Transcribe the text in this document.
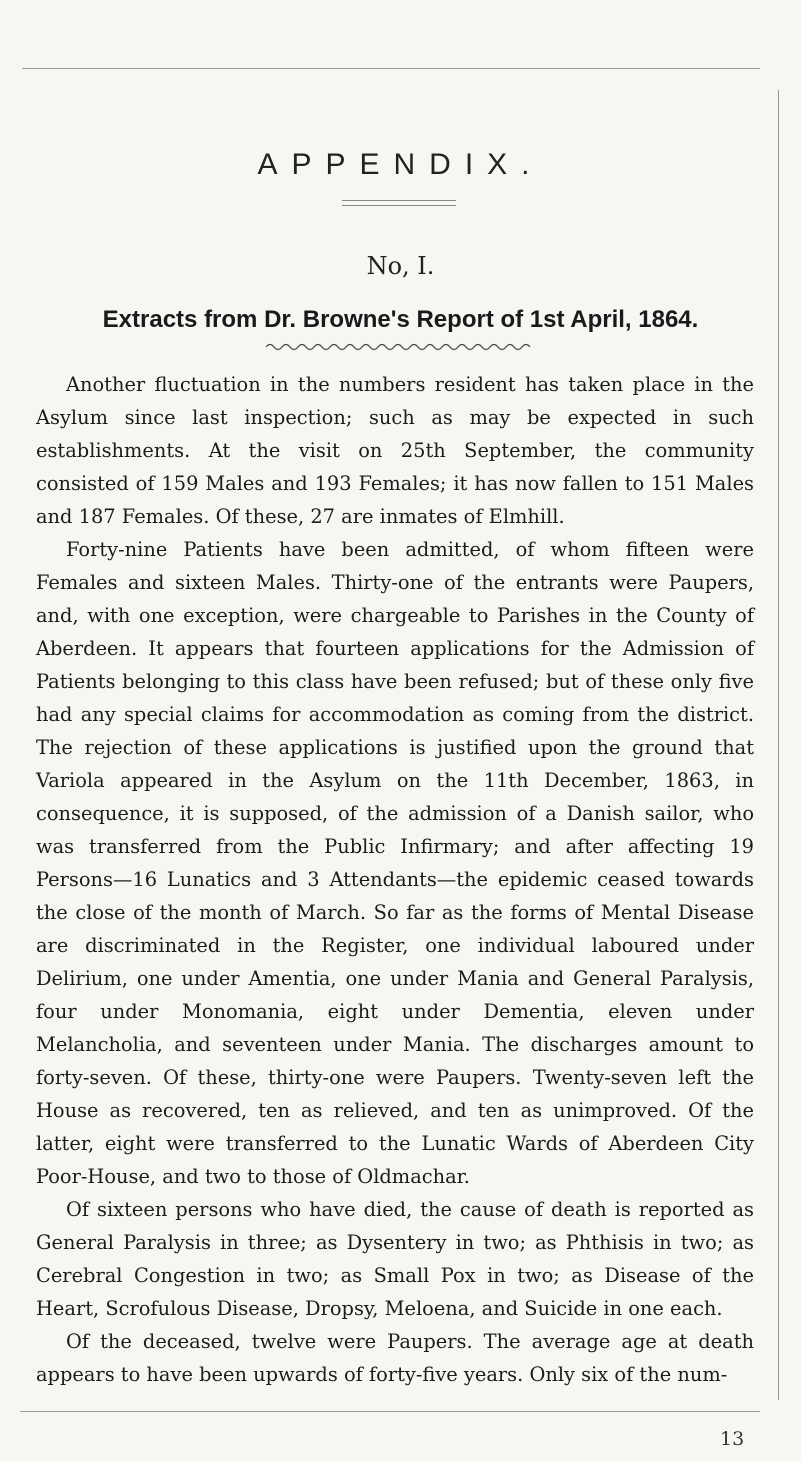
APPENDIX.
No, I.
Extracts from Dr. Browne's Report of 1st April, 1864.

Another fluctuation in the numbers resident has taken place in the Asylum since last inspection; such as may be expected in such establishments. At the visit on 25th September, the community consisted of 159 Males and 193 Females; it has now fallen to 151 Males and 187 Females. Of these, 27 are inmates of Elmhill.

Forty-nine Patients have been admitted, of whom fifteen were Females and sixteen Males. Thirty-one of the entrants were Paupers, and, with one exception, were chargeable to Parishes in the County of Aberdeen. It appears that fourteen applications for the Admission of Patients belonging to this class have been refused; but of these only five had any special claims for accommodation as coming from the district. The rejection of these applications is justified upon the ground that Variola appeared in the Asylum on the 11th December, 1863, in consequence, it is supposed, of the admission of a Danish sailor, who was transferred from the Public Infirmary; and after affecting 19 Persons—16 Lunatics and 3 Attendants—the epidemic ceased towards the close of the month of March. So far as the forms of Mental Disease are discriminated in the Register, one individual laboured under Delirium, one under Amentia, one under Mania and General Paralysis, four under Monomania, eight under Dementia, eleven under Melancholia, and seventeen under Mania. The discharges amount to forty-seven. Of these, thirty-one were Paupers. Twenty-seven left the House as recovered, ten as relieved, and ten as unimproved. Of the latter, eight were transferred to the Lunatic Wards of Aberdeen City Poor-House, and two to those of Oldmachar.

Of sixteen persons who have died, the cause of death is reported as General Paralysis in three; as Dysentery in two; as Phthisis in two; as Cerebral Congestion in two; as Small Pox in two; as Disease of the Heart, Scrofulous Disease, Dropsy, Meloena, and Suicide in one each.

Of the deceased, twelve were Paupers. The average age at death appears to have been upwards of forty-five years. Only six of the num-

13
